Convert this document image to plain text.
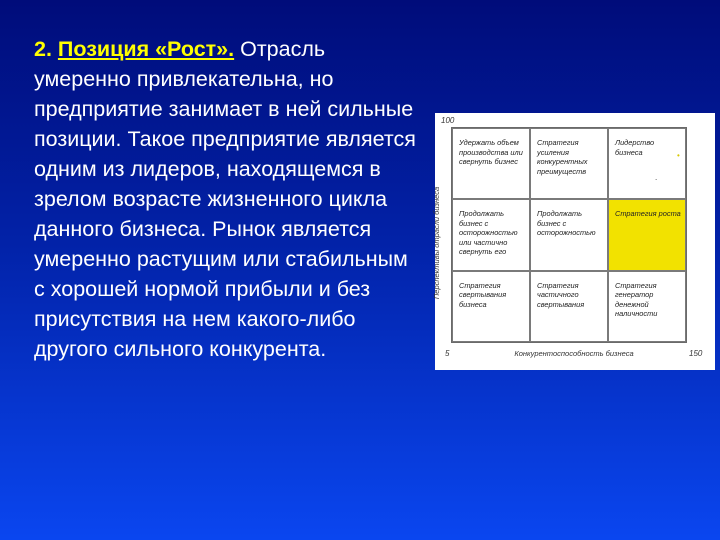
2. Позиция «Рост». Отрасль умеренно привлекательна, но предприятие занимает в ней сильные позиции. Такое предприятие является одним из лидеров, находящемся в зрелом возрасте жизненного цикла данного бизнеса. Рынок является умеренно растущим или стабильным с хорошей нормой прибыли и без присутствия на нем какого-либо другого сильного конкурента.
100
Перспективы отрасли бизнеса
Удержать объем производства или свернуть бизнес
Стратегия усиления конкурентных преимуществ
Лидерство бизнеса
Продолжать бизнес с осторожностью или частично свернуть его
Продолжать бизнес с осторожностью
Стратегия роста
Стратегия свертывания бизнеса
Стратегия частичного свертывания
Стратегия генератор денежной наличности
•
.
5	Конкурентоспособность бизнеса	150
